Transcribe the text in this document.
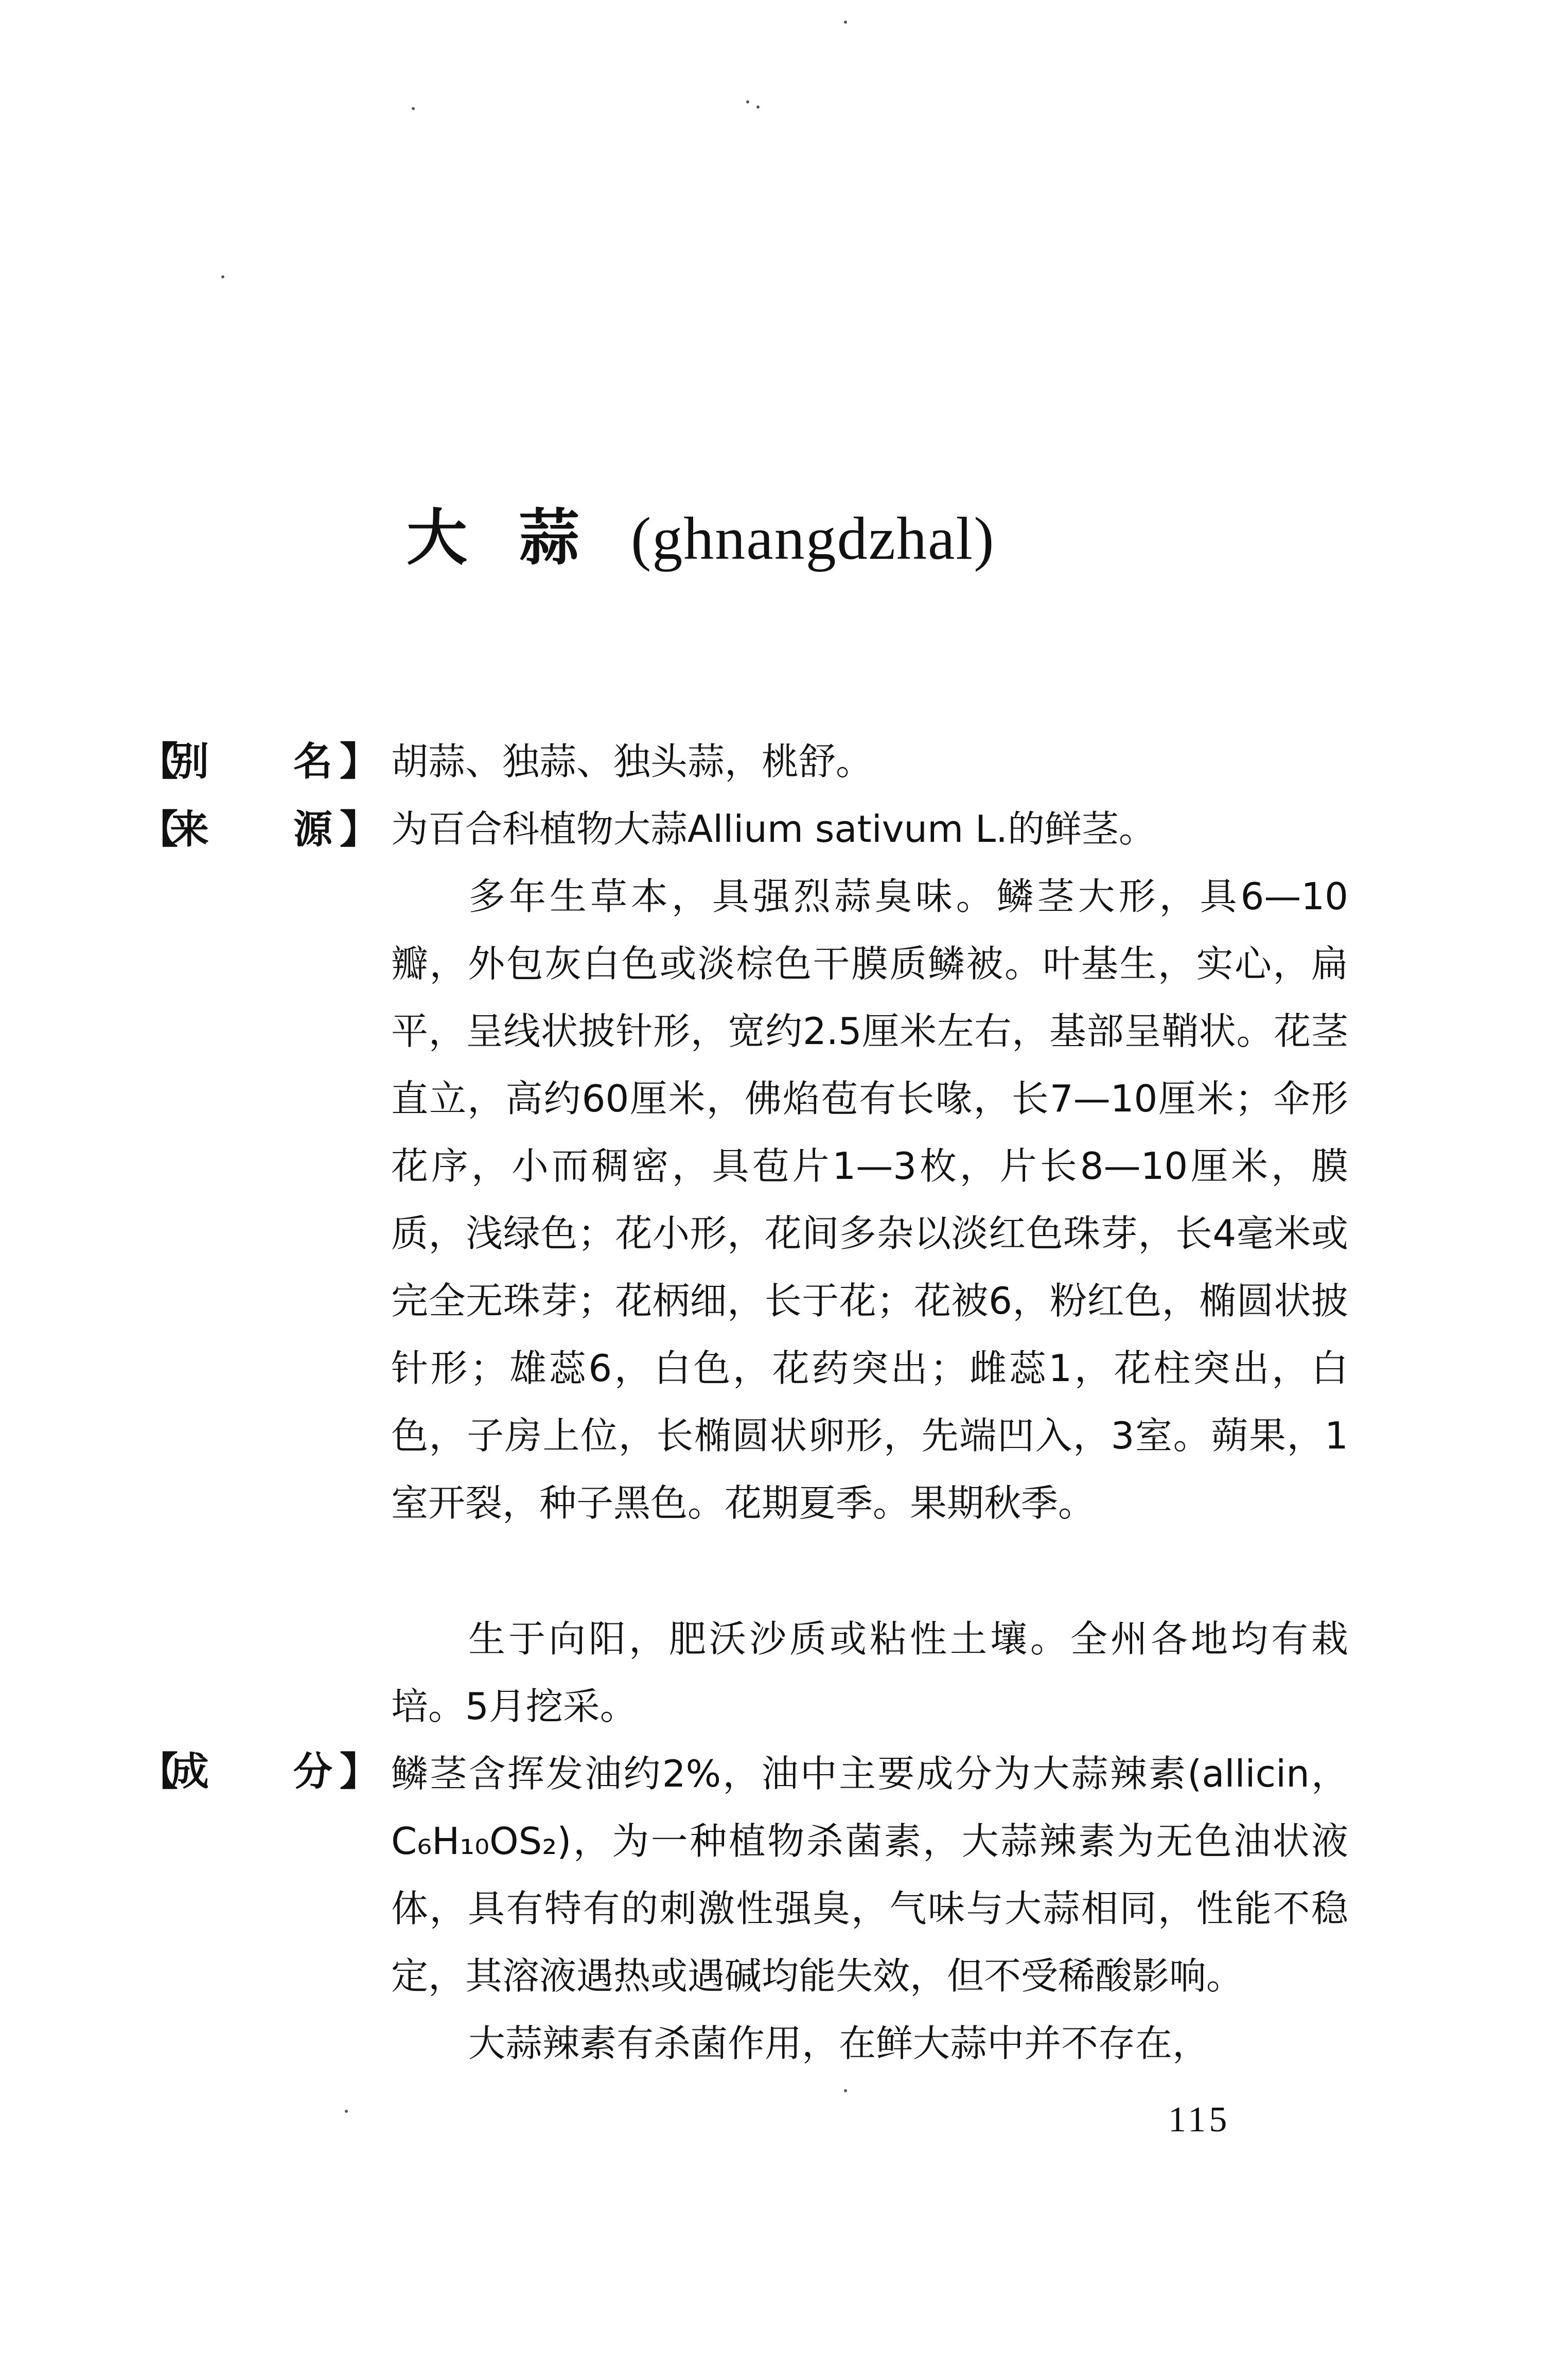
大蒜(ghnangdzhal)
【别 名 】 胡蒜、独蒜、独头蒜，桃舒。
【来 源 】 为百合科植物大蒜Allium sativum L.的鲜茎。
多年生草本，具强烈蒜臭味。鳞茎大形，具6—10瓣，外包灰白色或淡棕色干膜质鳞被。叶基生，实心，扁平，呈线状披针形，宽约2.5厘米左右，基部呈鞘状。花茎直立，高约60厘米，佛焰苞有长喙，长7—10厘米；伞形花序，小而稠密，具苞片1—3枚，片长8—10厘米，膜质，浅绿色；花小形，花间多杂以淡红色珠芽，长4毫米或完全无珠芽；花柄细，长于花；花被6，粉红色，椭圆状披针形；雄蕊6，白色，花药突出；雌蕊1，花柱突出，白色，子房上位，长椭圆状卵形，先端凹入，3室。蒴果，1室开裂，种子黑色。花期夏季。果期秋季。
生于向阳，肥沃沙质或粘性土壤。全州各地均有栽培。5月挖采。
【成 分 】 鳞茎含挥发油约2%，油中主要成分为大蒜辣素(allicin，C₆H₁₀OS₂)，为一种植物杀菌素，大蒜辣素为无色油状液体，具有特有的刺激性强臭，气味与大蒜相同，性能不稳定，其溶液遇热或遇碱均能失效，但不受稀酸影响。
大蒜辣素有杀菌作用，在鲜大蒜中并不存在，
115
